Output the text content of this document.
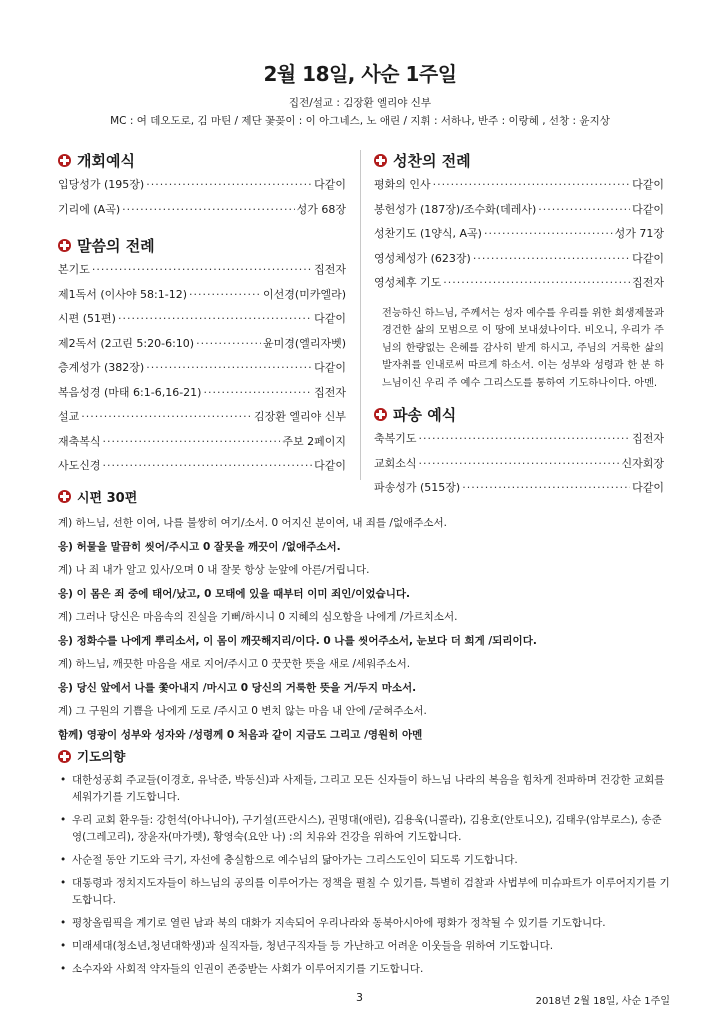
2월 18일, 사순 1주일
집전/설교 : 김장환 엘리야 신부
MC : 여 데오도로, 김 마틴 / 제단 꽃꽂이 : 이 아그네스, 노 애린 / 지휘 : 서하나, 반주 : 이랑혜 , 선창 : 윤지상
개회예식
입당성가 (195장) ·····	다같이
기리에 (A곡) ·····	성가 68장
말씀의 전례
본기도 ·····	집전자
제1독서 (이사야 58:1-12) ·····	이선경(미카엘라)
시편 (51편) ·····	다같이
제2독서 (2고린 5:20-6:10) ·····	윤미경(엘리자벳)
층계성가 (382장) ·····	다같이
복음성경 (마태 6:1-6,16-21) ·····	집전자
설교 ·····	김장환 엘리야 신부
재축복식 ·····	주보 2페이지
사도신경 ·····	다같이
성찬의 전례
평화의 인사 ·····	다같이
봉헌성가 (187장)/조수화(데레사) ·····	다같이
성찬기도 (1양식, A곡) ·····	성가 71장
영성체성가 (623장) ·····	다같이
영성체후 기도 ·····	집전자
전능하신 하느님, 주께서는 성자 예수를 우리를 위한 희생제물과 경건한 삶의 모범으로 이 땅에 보내셨나이다. 비오니, 우리가 주님의 한량없는 은혜를 감사히 받게 하시고, 주님의 거룩한 삶의 발자취를 인내로써 따르게 하소서. 이는 성부와 성령과 한 분 하느님이신 우리 주 예수 그리스도를 통하여 기도하나이다. 아멘.
파송 예식
축복기도 ·····	집전자
교회소식 ·····	신자회장
파송성가 (515장) ·····	다같이
시편 30편
계) 하느님, 선한 이여, 나를 불쌍히 여기/소서. 0 어지신 분이여, 내 죄를 /없애주소서.
응) 허물을 말끔히 씻어/주시고 0 잘못을 깨끗이 /없애주소서.
계) 나 죄 내가 알고 있사/오며 0 내 잘못 항상 눈앞에 아른/거립니다.
응) 이 몸은 죄 중에 태어/났고, 0 모태에 있을 때부터 이미 죄인/이었습니다.
계) 그러나 당신은 마음속의 진실을 기뻐/하시니 0 지혜의 심오함을 나에게 /가르치소서.
응) 정화수를 나에게 뿌리소서, 이 몸이 깨끗해지리/이다. 0 나를 씻어주소서, 눈보다 더 희게 /되리이다.
계) 하느님, 깨끗한 마음을 새로 지어/주시고 0 꿋꿋한 뜻을 새로 /세워주소서.
응) 당신 앞에서 나를 쫓아내지 /마시고 0 당신의 거룩한 뜻을 거/두지 마소서.
계) 그 구원의 기쁨을 나에게 도로 /주시고 0 변치 않는 마음 내 안에 /굳혀주소서.
함께) 영광이 성부와 성자와 /성령께 0 처음과 같이 지금도 그리고 /영원히 아멘
기도의향
• 대한성공회 주교들(이경호, 유낙준, 박동신)과 사제들, 그리고 모든 신자들이 하느님 나라의 복음을 힘차게 전파하며 건강한 교회를 세워가기를 기도합니다.
• 우리 교회 환우들: 강헌석(아나니아), 구기설(프란시스), 권명대(애린), 김용욱(니콜라), 김용호(안토니오), 김태우(암부로스), 송준영(그레고리), 장윤자(마가렛), 황영숙(요안 나) :의 치유와 건강을 위하여 기도합니다.
• 사순절 동안 기도와 극기, 자선에 충실함으로 예수님의 닮아가는 그리스도인이 되도록 기도합니다.
• 대통령과 정치지도자들이 하느님의 공의를 이루어가는 정책을 펼칠 수 있기를, 특별히 검찰과 사법부에 미슈파트가 이루어지기를 기도합니다.
• 평창올림픽을 계기로 열린 남과 북의 대화가 지속되어 우리나라와 동북아시아에 평화가 정착될 수 있기를 기도합니다.
• 미래세대(청소년,청년대학생)과 실직자들, 청년구직자들 등 가난하고 어려운 이웃들을 위하여 기도합니다.
• 소수자와 사회적 약자들의 인권이 존중받는 사회가 이루어지기를 기도합니다.
3	2018년 2월 18일, 사순 1주일
